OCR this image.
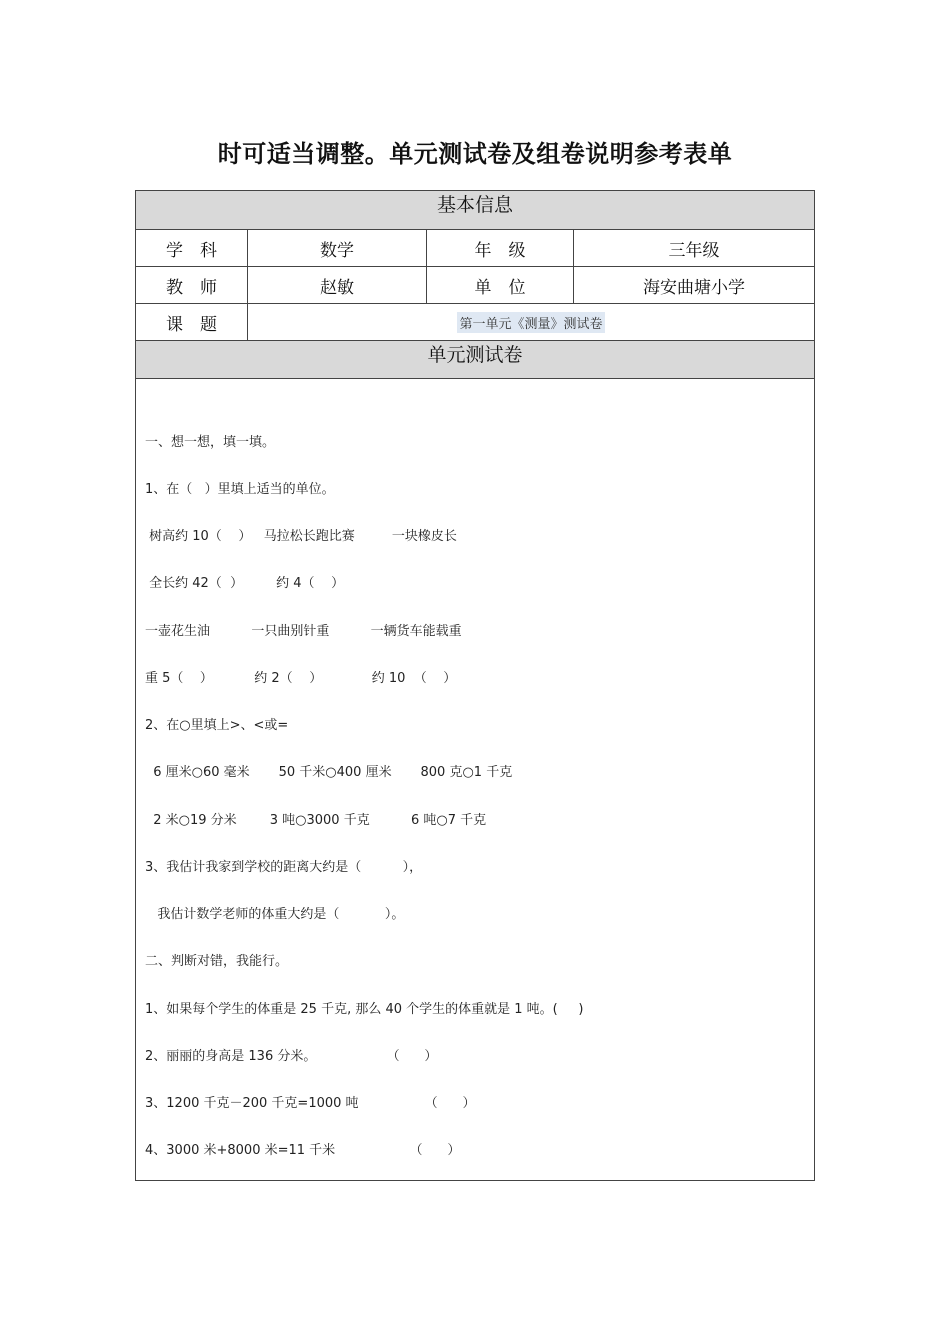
时可适当调整。单元测试卷及组卷说明参考表单
基本信息
学　科	数学	年　级	三年级
教　师	赵敏	单　位	海安曲塘小学
课　题	第一单元《测量》测试卷
单元测试卷
一、想一想，填一填。
1、在（   ）里填上适当的单位。
树高约 10（    ）   马拉松长跑比赛         一块橡皮长
全长约 42（  ）        约 4（    ）
一壶花生油          一只曲别针重          一辆货车能载重
重 5（    ）          约 2（    ）            约 10  （    ）
2、在○里填上>、<或=
6 厘米○60 毫米       50 千米○400 厘米       800 克○1 千克
2 米○19 分米        3 吨○3000 千克          6 吨○7 千克
3、我估计我家到学校的距离大约是（          ），
我估计数学老师的体重大约是（           ）。
二、判断对错，我能行。
1、如果每个学生的体重是 25 千克, 那么 40 个学生的体重就是 1 吨。(     )
2、丽丽的身高是 136 分米。                 （      ）
3、1200 千克－200 千克=1000 吨                （      ）
4、3000 米+8000 米=11 千米                  （      ）
